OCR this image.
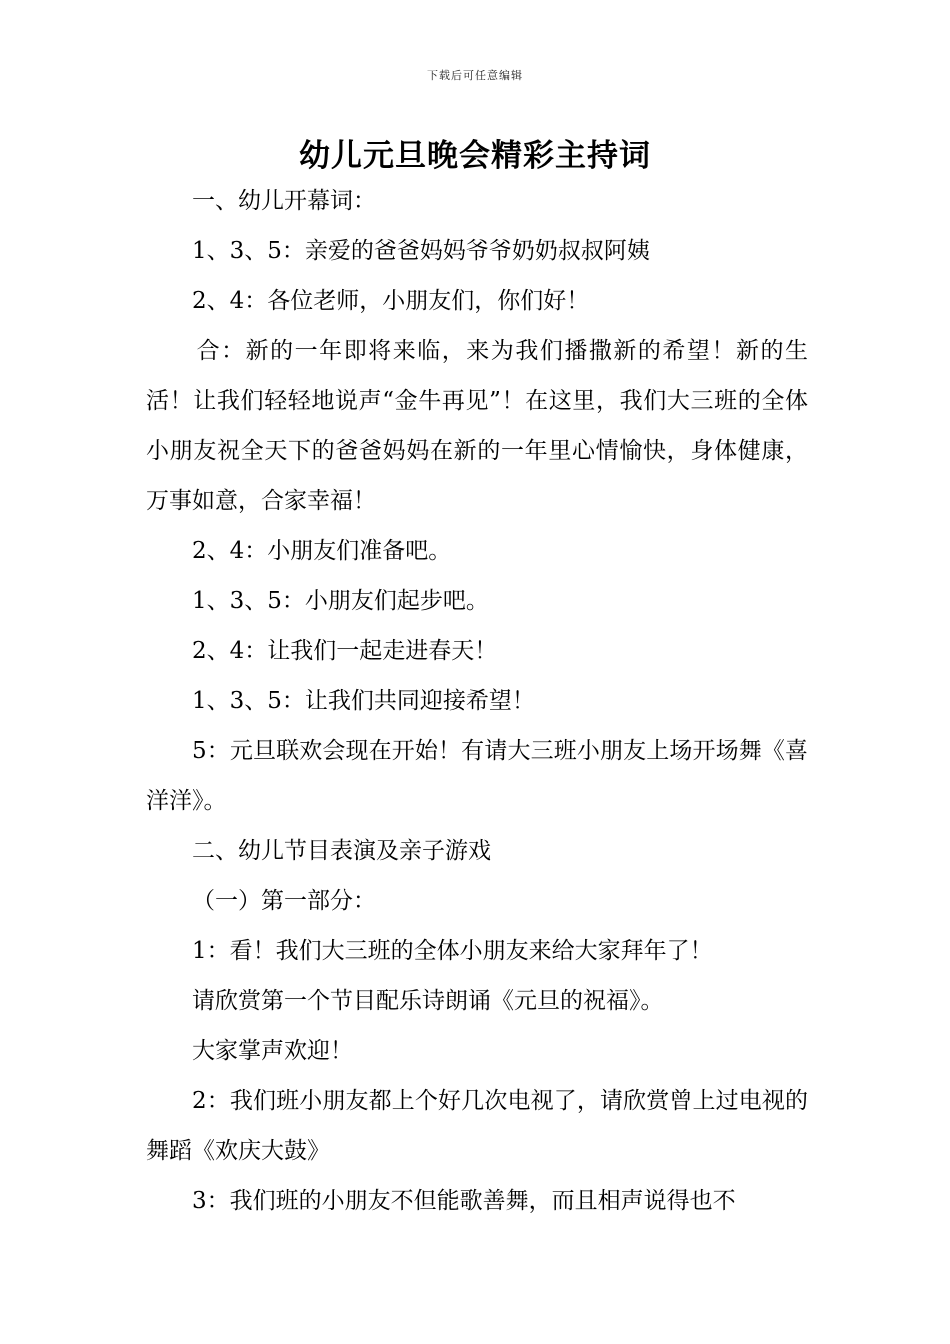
下载后可任意编辑
幼儿元旦晚会精彩主持词

一、幼儿开幕词：

1、3、5：亲爱的爸爸妈妈爷爷奶奶叔叔阿姨

2、4：各位老师，小朋友们，你们好！

合：新的一年即将来临，来为我们播撒新的希望！新的生活！让我们轻轻地说声“金牛再见”！在这里，我们大三班的全体小朋友祝全天下的爸爸妈妈在新的一年里心情愉快，身体健康，万事如意，合家幸福！

2、4：小朋友们准备吧。

1、3、5：小朋友们起步吧。

2、4：让我们一起走进春天！

1、3、5：让我们共同迎接希望！

5：元旦联欢会现在开始！有请大三班小朋友上场开场舞《喜洋洋》。

二、幼儿节目表演及亲子游戏

（一）第一部分：

1：看！我们大三班的全体小朋友来给大家拜年了！

请欣赏第一个节目配乐诗朗诵《元旦的祝福》。

大家掌声欢迎！

2：我们班小朋友都上个好几次电视了，请欣赏曾上过电视的舞蹈《欢庆大鼓》

3：我们班的小朋友不但能歌善舞，而且相声说得也不
